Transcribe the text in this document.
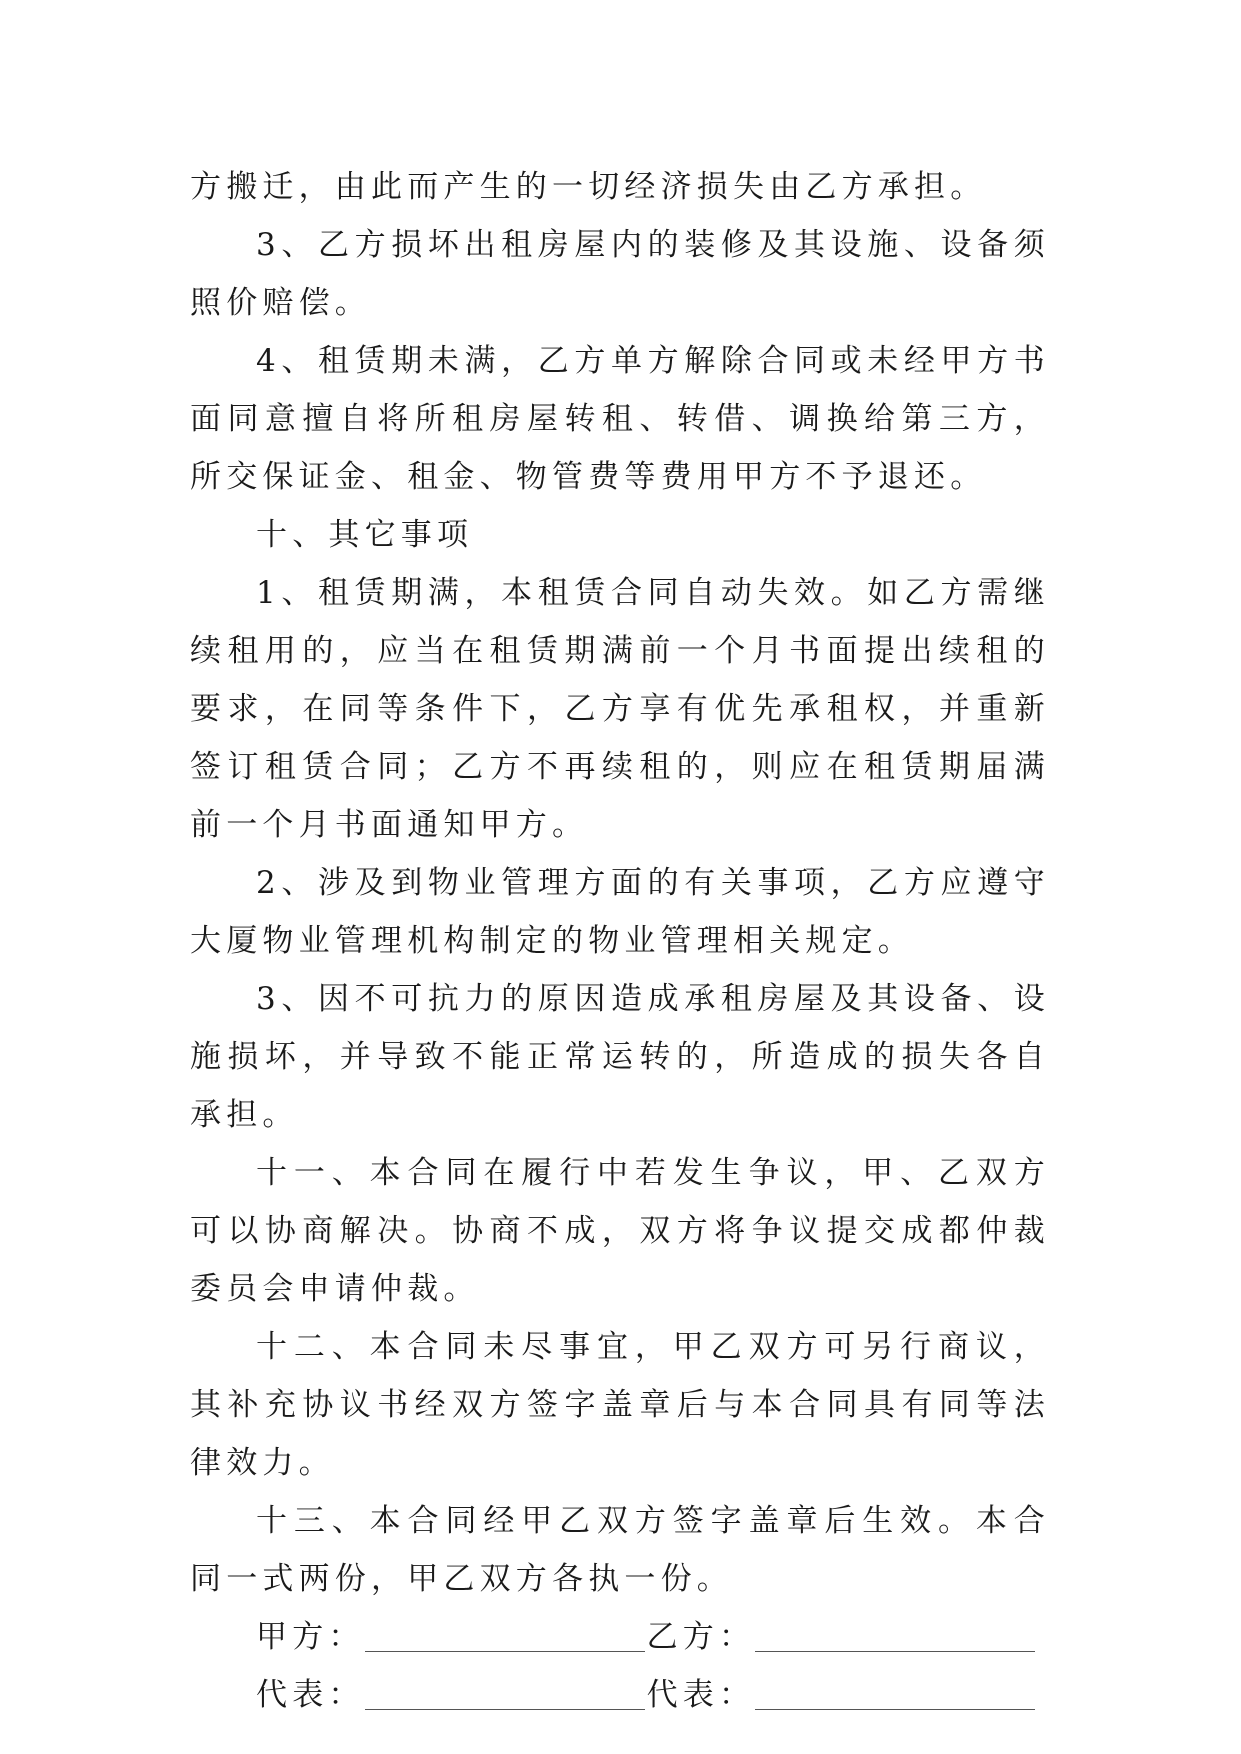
方搬迁，由此而产生的一切经济损失由乙方承担。

3、乙方损坏出租房屋内的装修及其设施、设备须照价赔偿。

4、租赁期未满，乙方单方解除合同或未经甲方书面同意擅自将所租房屋转租、转借、调换给第三方，所交保证金、租金、物管费等费用甲方不予退还。

十、其它事项

1、租赁期满，本租赁合同自动失效。如乙方需继续租用的，应当在租赁期满前一个月书面提出续租的要求，在同等条件下，乙方享有优先承租权，并重新签订租赁合同；乙方不再续租的，则应在租赁期届满前一个月书面通知甲方。

2、涉及到物业管理方面的有关事项，乙方应遵守大厦物业管理机构制定的物业管理相关规定。

3、因不可抗力的原因造成承租房屋及其设备、设施损坏，并导致不能正常运转的，所造成的损失各自承担。

十一、本合同在履行中若发生争议，甲、乙双方可以协商解决。协商不成，双方将争议提交成都仲裁委员会申请仲裁。

十二、本合同未尽事宜，甲乙双方可另行商议，其补充协议书经双方签字盖章后与本合同具有同等法律效力。

十三、本合同经甲乙双方签字盖章后生效。本合同一式两份，甲乙双方各执一份。

甲方：	乙方：
代表：	代表：
